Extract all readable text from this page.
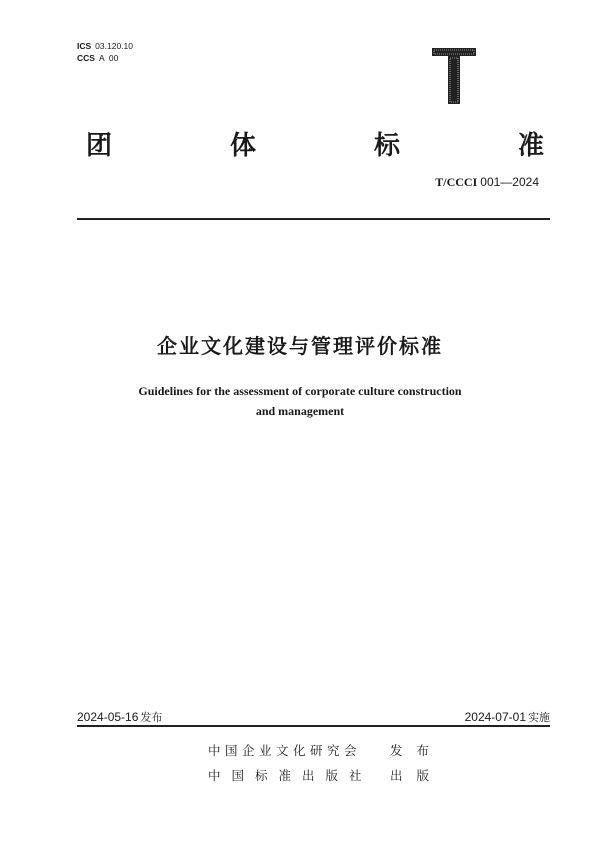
ICS 03.120.10
CCS A  00
团	体	标	准
T/CCCI 001—2024
企业文化建设与管理评价标准
Guidelines for the assessment of corporate culture construction
and management
2024-05-16 发布	2024-07-01 实施
中国企业文化研究会 发布
中国标准出版社 出版
